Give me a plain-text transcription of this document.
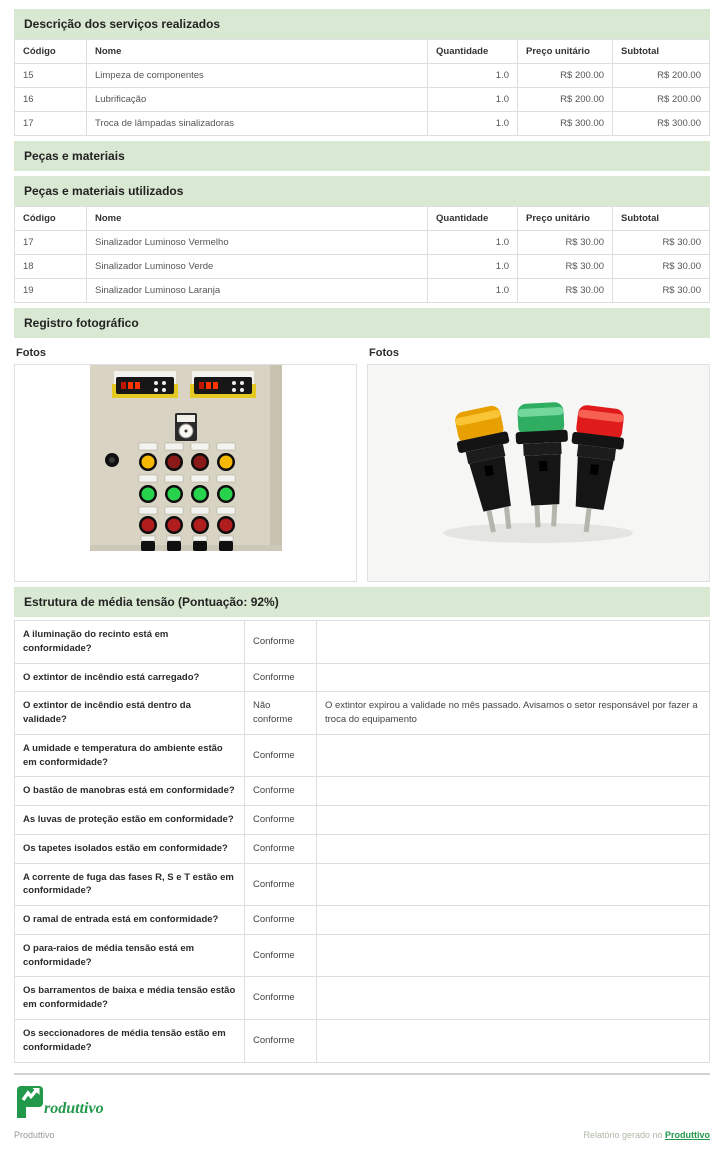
Descrição dos serviços realizados
Código	Nome	Quantidade	Preço unitário	Subtotal
15	Limpeza de componentes	1.0	R$ 200.00	R$ 200.00
16	Lubrificação	1.0	R$ 200.00	R$ 200.00
17	Troca de lâmpadas sinalizadoras	1.0	R$ 300.00	R$ 300.00
Peças e materiais
Peças e materiais utilizados
Código	Nome	Quantidade	Preço unitário	Subtotal
17	Sinalizador Luminoso Vermelho	1.0	R$ 30.00	R$ 30.00
18	Sinalizador Luminoso Verde	1.0	R$ 30.00	R$ 30.00
19	Sinalizador Luminoso Laranja	1.0	R$ 30.00	R$ 30.00
Registro fotográfico
Fotos	Fotos
Estrutura de média tensão (Pontuação: 92%)
A iluminação do recinto está em conformidade?	Conforme	
O extintor de incêndio está carregado?	Conforme	
O extintor de incêndio está dentro da validade?	Não conforme	O extintor expirou a validade no mês passado. Avisamos o setor responsável por fazer a troca do equipamento
A umidade e temperatura do ambiente estão em conformidade?	Conforme	
O bastão de manobras está em conformidade?	Conforme	
As luvas de proteção estão em conformidade?	Conforme	
Os tapetes isolados estão em conformidade?	Conforme	
A corrente de fuga das fases R, S e T estão em conformidade?	Conforme	
O ramal de entrada está em conformidade?	Conforme	
O para-raios de média tensão está em conformidade?	Conforme	
Os barramentos de baixa e média tensão estão em conformidade?	Conforme	
Os seccionadores de média tensão estão em conformidade?	Conforme	
roduttivo
Produttivo	Relatório gerado no Produttivo
